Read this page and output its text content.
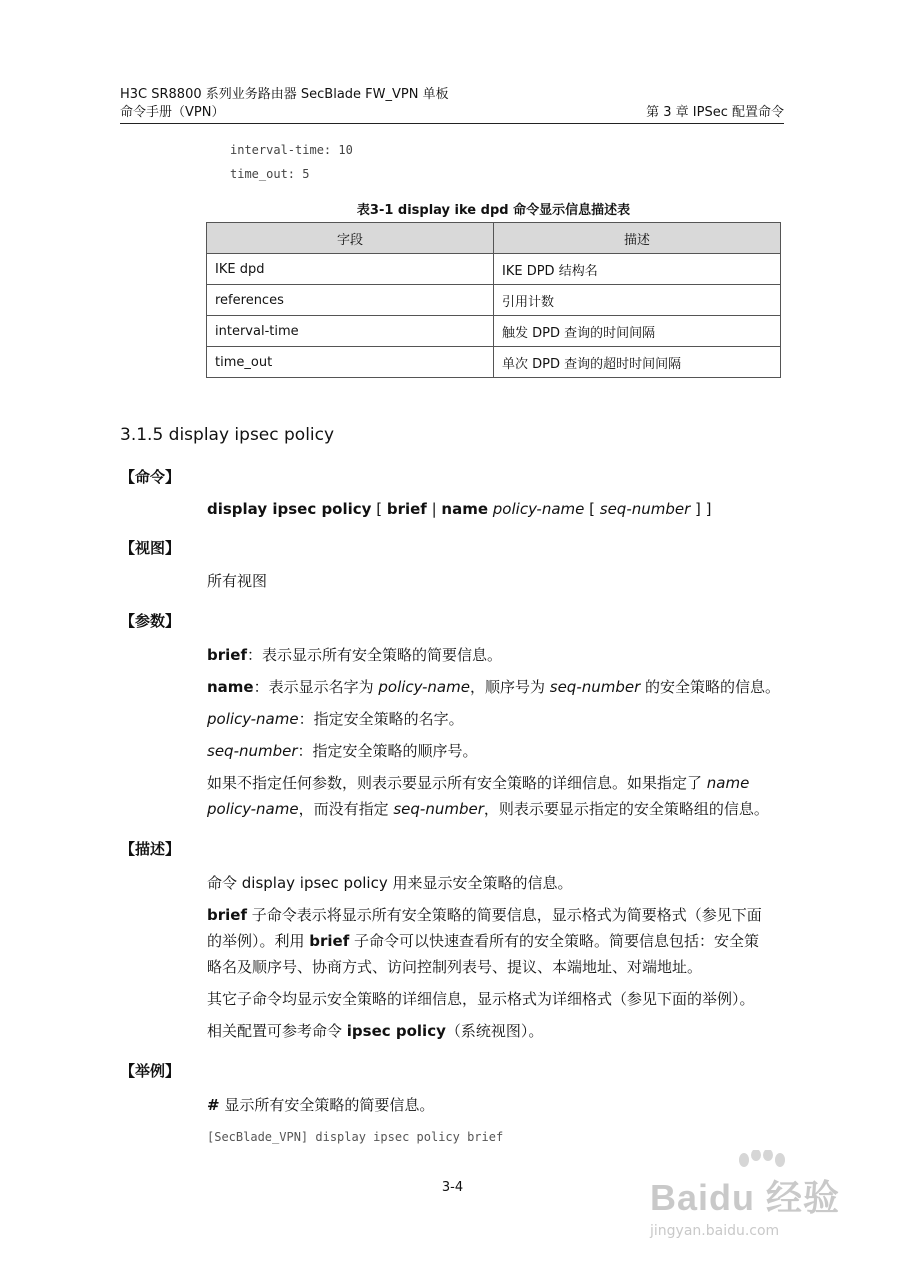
H3C SR8800 系列业务路由器 SecBlade FW_VPN 单板
命令手册（VPN）	第 3 章 IPSec 配置命令
interval-time: 10
time_out: 5
表3-1 display ike dpd 命令显示信息描述表
字段	描述
IKE dpd	IKE DPD 结构名
references	引用计数
interval-time	触发 DPD 查询的时间间隔
time_out	单次 DPD 查询的超时时间间隔
3.1.5 display ipsec policy
【命令】
display ipsec policy [ brief | name policy-name [ seq-number ] ]
【视图】
所有视图
【参数】
brief：表示显示所有安全策略的简要信息。
name：表示显示名字为 policy-name，顺序号为 seq-number 的安全策略的信息。
policy-name：指定安全策略的名字。
seq-number：指定安全策略的顺序号。
如果不指定任何参数，则表示要显示所有安全策略的详细信息。如果指定了 name
policy-name，而没有指定 seq-number，则表示要显示指定的安全策略组的信息。
【描述】
命令 display ipsec policy 用来显示安全策略的信息。
brief 子命令表示将显示所有安全策略的简要信息，显示格式为简要格式（参见下面
的举例）。利用 brief 子命令可以快速查看所有的安全策略。简要信息包括：安全策
略名及顺序号、协商方式、访问控制列表号、提议、本端地址、对端地址。
其它子命令均显示安全策略的详细信息，显示格式为详细格式（参见下面的举例）。
相关配置可参考命令 ipsec policy（系统视图）。
【举例】
# 显示所有安全策略的简要信息。
[SecBlade_VPN] display ipsec policy brief
3-4	Baidu 经验
jingyan.baidu.com
